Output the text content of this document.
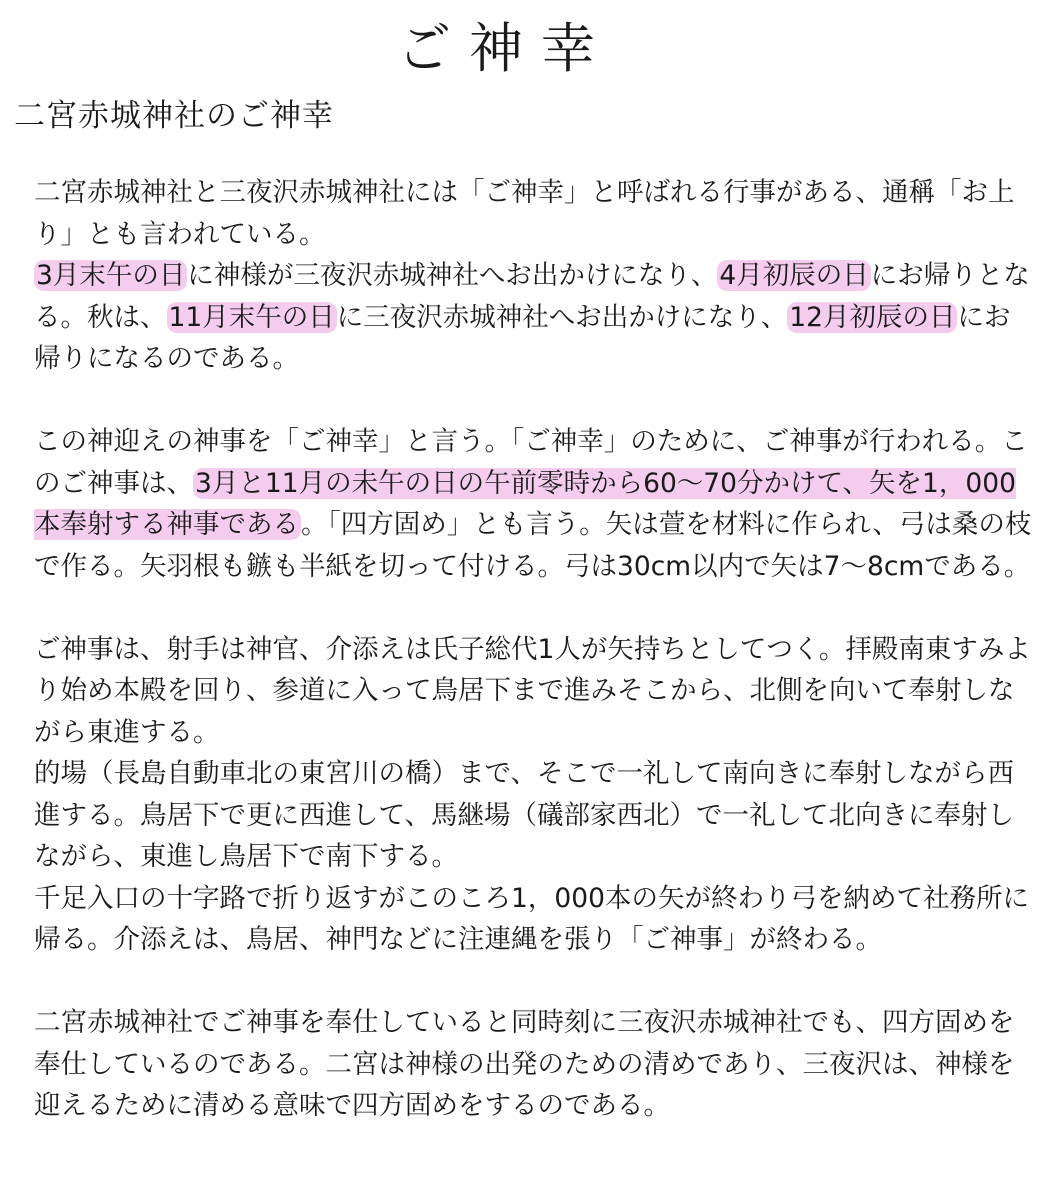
ご神幸
二宮赤城神社のご神幸

二宮赤城神社と三夜沢赤城神社には「ご神幸」と呼ばれる行事がある、通稱「お上り」とも言われている。
3月末午の日に神様が三夜沢赤城神社へお出かけになり、4月初辰の日にお帰りとなる。秋は、11月末午の日に三夜沢赤城神社へお出かけになり、12月初辰の日にお帰りになるのである。

この神迎えの神事を「ご神幸」と言う。「ご神幸」のために、ご神事が行われる。このご神事は、3月と11月の未午の日の午前零時から60～70分かけて、矢を1，000本奉射する神事である。「四方固め」とも言う。矢は萱を材料に作られ、弓は桑の枝で作る。矢羽根も鏃も半紙を切って付ける。弓は30cm以内で矢は7～8cmである。

ご神事は、射手は神官、介添えは氏子総代1人が矢持ちとしてつく。拝殿南東すみより始め本殿を回り、参道に入って鳥居下まで進みそこから、北側を向いて奉射しながら東進する。
的場（長島自動車北の東宮川の橋）まで、そこで一礼して南向きに奉射しながら西進する。鳥居下で更に西進して、馬継場（礒部家西北）で一礼して北向きに奉射しながら、東進し鳥居下で南下する。
千足入口の十字路で折り返すがこのころ1，000本の矢が終わり弓を納めて社務所に帰る。介添えは、鳥居、神門などに注連縄を張り「ご神事」が終わる。

二宮赤城神社でご神事を奉仕していると同時刻に三夜沢赤城神社でも、四方固めを奉仕しているのである。二宮は神様の出発のための清めであり、三夜沢は、神様を迎えるために清める意味で四方固めをするのである。
